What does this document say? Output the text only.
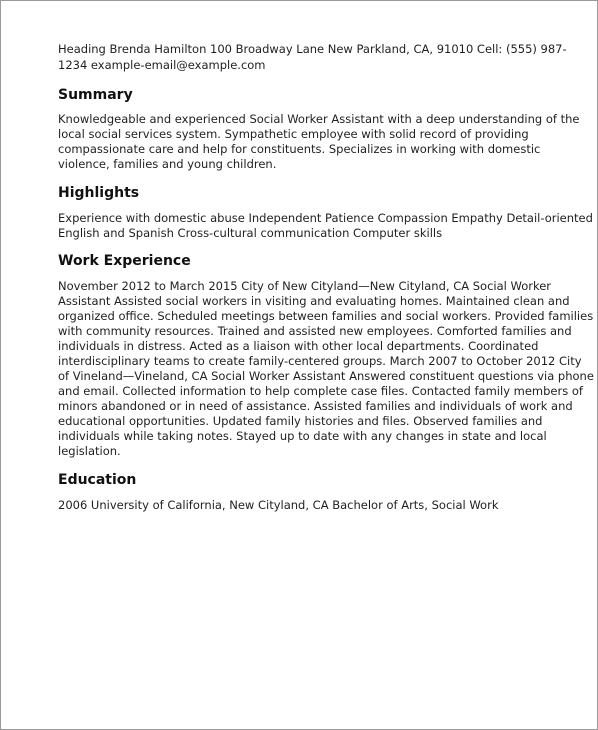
Heading Brenda Hamilton 100 Broadway Lane New Parkland, CA, 91010 Cell: (555) 987-1234 example-email@example.com

Summary

Knowledgeable and experienced Social Worker Assistant with a deep understanding of the local social services system. Sympathetic employee with solid record of providing compassionate care and help for constituents. Specializes in working with domestic violence, families and young children.

Highlights

Experience with domestic abuse Independent Patience Compassion Empathy Detail-oriented English and Spanish Cross-cultural communication Computer skills

Work Experience

November 2012 to March 2015 City of New Cityland—New Cityland, CA Social Worker Assistant Assisted social workers in visiting and evaluating homes. Maintained clean and organized office. Scheduled meetings between families and social workers. Provided families with community resources. Trained and assisted new employees. Comforted families and individuals in distress. Acted as a liaison with other local departments. Coordinated interdisciplinary teams to create family-centered groups. March 2007 to October 2012 City of Vineland—Vineland, CA Social Worker Assistant Answered constituent questions via phone and email. Collected information to help complete case files. Contacted family members of minors abandoned or in need of assistance. Assisted families and individuals of work and educational opportunities. Updated family histories and files. Observed families and individuals while taking notes. Stayed up to date with any changes in state and local legislation.

Education

2006 University of California, New Cityland, CA Bachelor of Arts, Social Work
